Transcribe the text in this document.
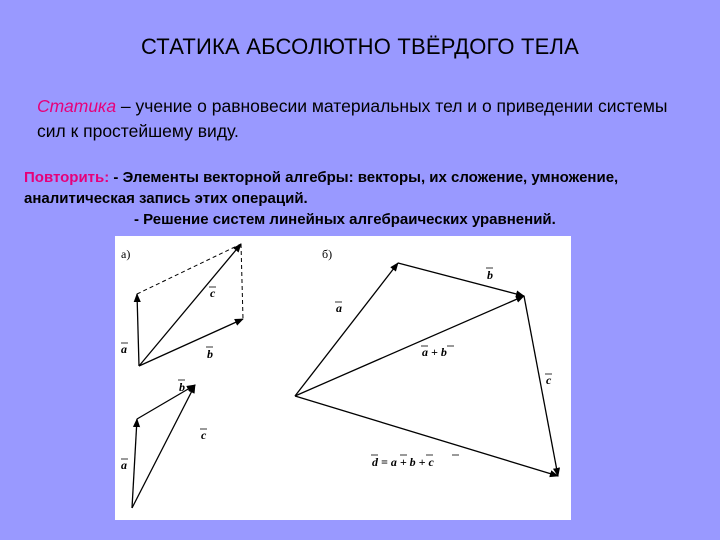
СТАТИКА АБСОЛЮТНО ТВЁРДОГО ТЕЛА
Статика – учение о равновесии материальных тел и о приведении системы сил к простейшему виду.
Повторить: - Элементы векторной алгебры: векторы, их сложение, умножение, аналитическая запись этих операций.
- Решение систем линейных алгебраических уравнений.
а)	б)
a	b
c
a
b
c
a
b
c
a + b
d = a + b + c
